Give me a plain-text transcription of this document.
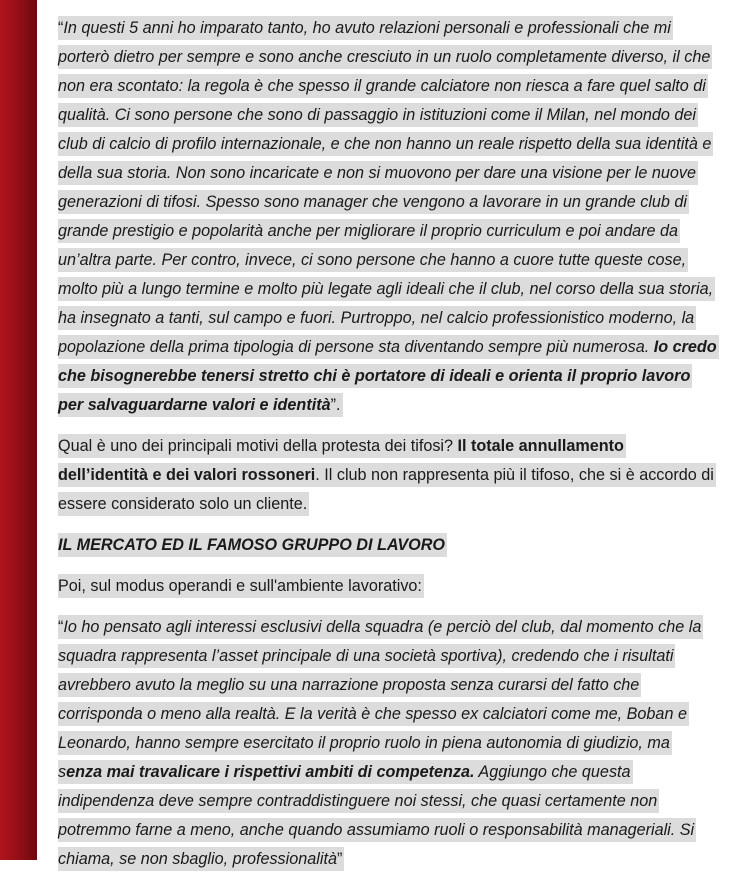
“In questi 5 anni ho imparato tanto, ho avuto relazioni personali e professionali che mi porterò dietro per sempre e sono anche cresciuto in un ruolo completamente diverso, il che non era scontato: la regola è che spesso il grande calciatore non riesca a fare quel salto di qualità. Ci sono persone che sono di passaggio in istituzioni come il Milan, nel mondo dei club di calcio di profilo internazionale, e che non hanno un reale rispetto della sua identità e della sua storia. Non sono incaricate e non si muovono per dare una visione per le nuove generazioni di tifosi. Spesso sono manager che vengono a lavorare in un grande club di grande prestigio e popolarità anche per migliorare il proprio curriculum e poi andare da un’altra parte. Per contro, invece, ci sono persone che hanno a cuore tutte queste cose, molto più a lungo termine e molto più legate agli ideali che il club, nel corso della sua storia, ha insegnato a tanti, sul campo e fuori. Purtroppo, nel calcio professionistico moderno, la popolazione della prima tipologia di persone sta diventando sempre più numerosa. Io credo che bisognerebbe tenersi stretto chi è portatore di ideali e orienta il proprio lavoro per salvaguardarne valori e identità”.

Qual è uno dei principali motivi della protesta dei tifosi? Il totale annullamento dell’identità e dei valori rossoneri. Il club non rappresenta più il tifoso, che si è accordo di essere considerato solo un cliente.

IL MERCATO ED IL FAMOSO GRUPPO DI LAVORO

Poi, sul modus operandi e sull'ambiente lavorativo:

“Io ho pensato agli interessi esclusivi della squadra (e perciò del club, dal momento che la squadra rappresenta l’asset principale di una società sportiva), credendo che i risultati avrebbero avuto la meglio su una narrazione proposta senza curarsi del fatto che corrisponda o meno alla realtà. E la verità è che spesso ex calciatori come me, Boban e Leonardo, hanno sempre esercitato il proprio ruolo in piena autonomia di giudizio, ma senza mai travalicare i rispettivi ambiti di competenza. Aggiungo che questa indipendenza deve sempre contraddistinguere noi stessi, che quasi certamente non potremmo farne a meno, anche quando assumiamo ruoli o responsabilità manageriali. Si chiama, se non sbaglio, professionalità”
